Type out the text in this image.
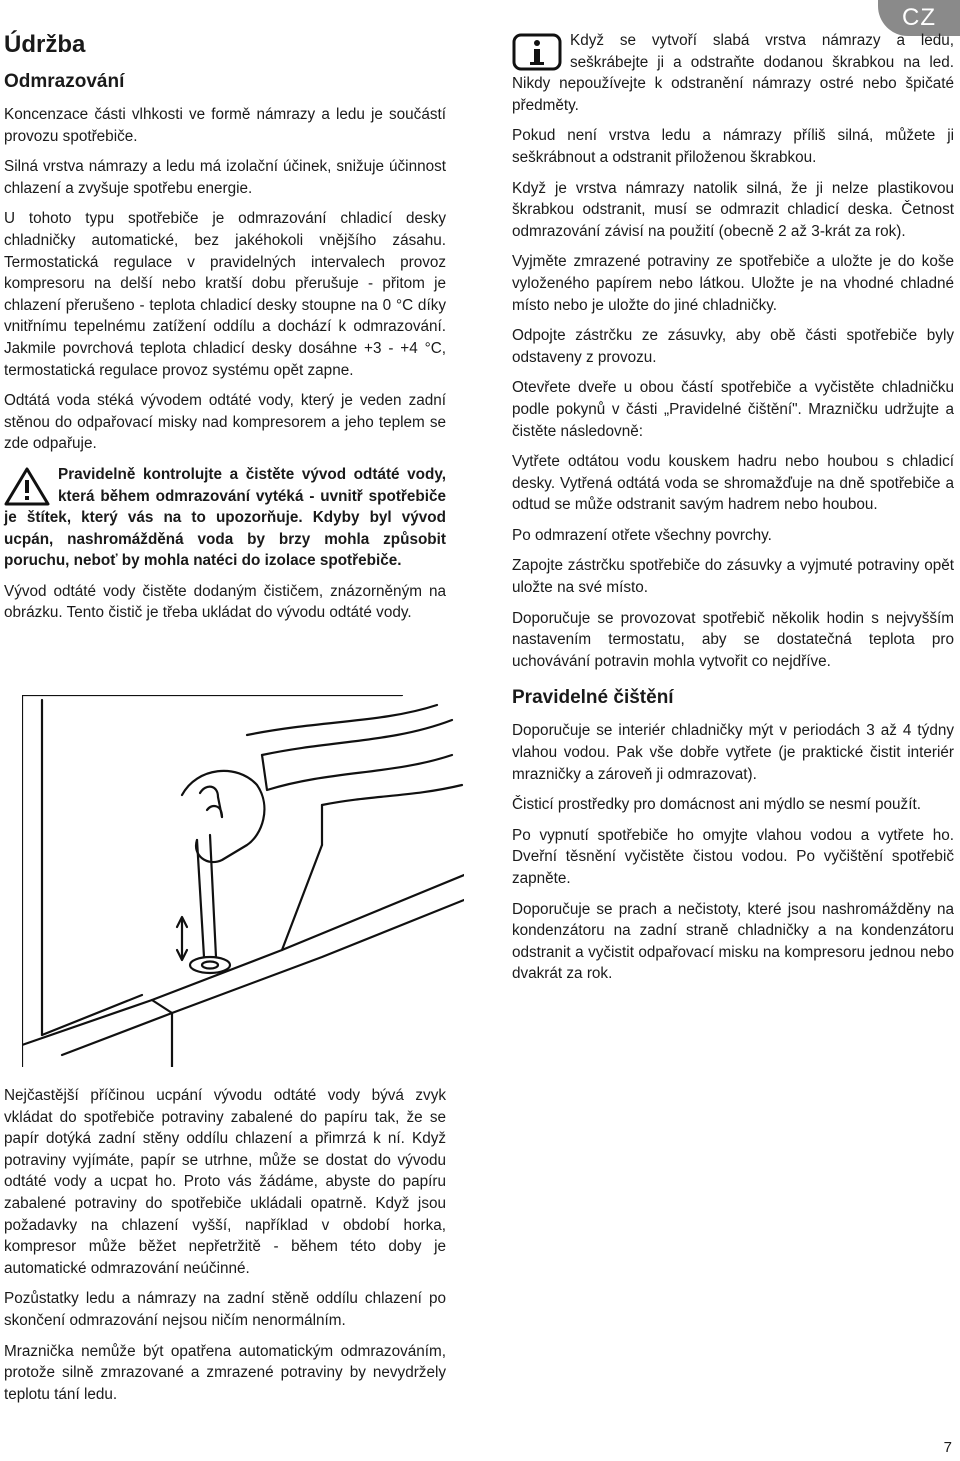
CZ
Údržba
Odmrazování

Koncenzace části vlhkosti ve formě námrazy a ledu je součástí provozu spotřebiče.

Silná vrstva námrazy a ledu má izolační účinek, snižuje účinnost chlazení a zvyšuje spotřebu energie.

U tohoto typu spotřebiče je odmrazování chladicí desky chladničky automatické, bez jakéhokoli vnějšího zásahu. Termostatická regulace v pravidelných intervalech provoz kompresoru na delší nebo kratší dobu přerušuje - přitom je chlazení přerušeno - teplota chladicí desky stoupne na 0 °C díky vnitřnímu tepelnému zatížení oddílu a dochází k odmrazování. Jakmile povrchová teplota chladicí desky dosáhne +3 - +4 °C, termostatická regulace provoz systému opět zapne.

Odtátá voda stéká vývodem odtáté vody, který je veden zadní stěnou do odpařovací misky nad kompresorem a jeho teplem se zde odpařuje.

Pravidelně kontrolujte a čistěte vývod odtáté vody, která během odmrazování vytéká - uvnitř spotřebiče je štítek, který vás na to upozorňuje. Kdyby byl vývod ucpán, nashromážděná voda by brzy mohla způsobit poruchu, neboť by mohla natéci do izolace spotřebiče.

Vývod odtáté vody čistěte dodaným čističem, znázorněným na obrázku. Tento čistič je třeba ukládat do vývodu odtáté vody.

Nejčastější příčinou ucpání vývodu odtáté vody bývá zvyk vkládat do spotřebiče potraviny zabalené do papíru tak, že se papír dotýká zadní stěny oddílu chlazení a přimrzá k ní. Když potraviny vyjímáte, papír se utrhne, může se dostat do vývodu odtáté vody a ucpat ho. Proto vás žádáme, abyste do papíru zabalené potraviny do spotřebiče ukládali opatrně. Když jsou požadavky na chlazení vyšší, například v období horka, kompresor může běžet nepřetržitě - během této doby je automatické odmrazování neúčinné.

Pozůstatky ledu a námrazy na zadní stěně oddílu chlazení po skončení odmrazování nejsou ničím nenormálním.

Mraznička nemůže být opatřena automatickým odmrazováním, protože silně zmrazované a zmrazené potraviny by nevydržely teplotu tání ledu.

Když se vytvoří slabá vrstva námrazy a ledu, seškrábejte ji a odstraňte dodanou škrabkou na led. Nikdy nepoužívejte k odstranění námrazy ostré nebo špičaté předměty.

Pokud není vrstva ledu a námrazy příliš silná, můžete ji seškrábnout a odstranit přiloženou škrabkou.

Když je vrstva námrazy natolik silná, že ji nelze plastikovou škrabkou odstranit, musí se odmrazit chladicí deska. Četnost odmrazování závisí na použití (obecně 2 až 3-krát za rok).

Vyjměte zmrazené potraviny ze spotřebiče a uložte je do koše vyloženého papírem nebo látkou. Uložte je na vhodné chladné místo nebo je uložte do jiné chladničky.

Odpojte zástrčku ze zásuvky, aby obě části spotřebiče byly odstaveny z provozu.

Otevřete dveře u obou částí spotřebiče a vyčistěte chladničku podle pokynů v části „Pravidelné čištění". Mrazničku udržujte a čistěte následovně:

Vytřete odtátou vodu kouskem hadru nebo houbou s chladicí desky. Vytřená odtátá voda se shromažďuje na dně spotřebiče a odtud se může odstranit savým hadrem nebo houbou.

Po odmrazení otřete všechny povrchy.

Zapojte zástrčku spotřebiče do zásuvky a vyjmuté potraviny opět uložte na své místo.

Doporučuje se provozovat spotřebič několik hodin s nejvyšším nastavením termostatu, aby se dostatečná teplota pro uchovávání potravin mohla vytvořit co nejdříve.

Pravidelné čištění

Doporučuje se interiér chladničky mýt v periodách 3 až 4 týdny vlahou vodou. Pak vše dobře vytřete (je praktické čistit interiér mrazničky a zároveň ji odmrazovat).

Čisticí prostředky pro domácnost ani mýdlo se nesmí použít.

Po vypnutí spotřebiče ho omyjte vlahou vodou a vytřete ho. Dveřní těsnění vyčistěte čistou vodou. Po vyčištění spotřebič zapněte.

Doporučuje se prach a nečistoty, které jsou nashromážděny na kondenzátoru na zadní straně chladničky a na kondenzátoru odstranit a vyčistit odpařovací misku na kompresoru jednou nebo dvakrát za rok.

7
